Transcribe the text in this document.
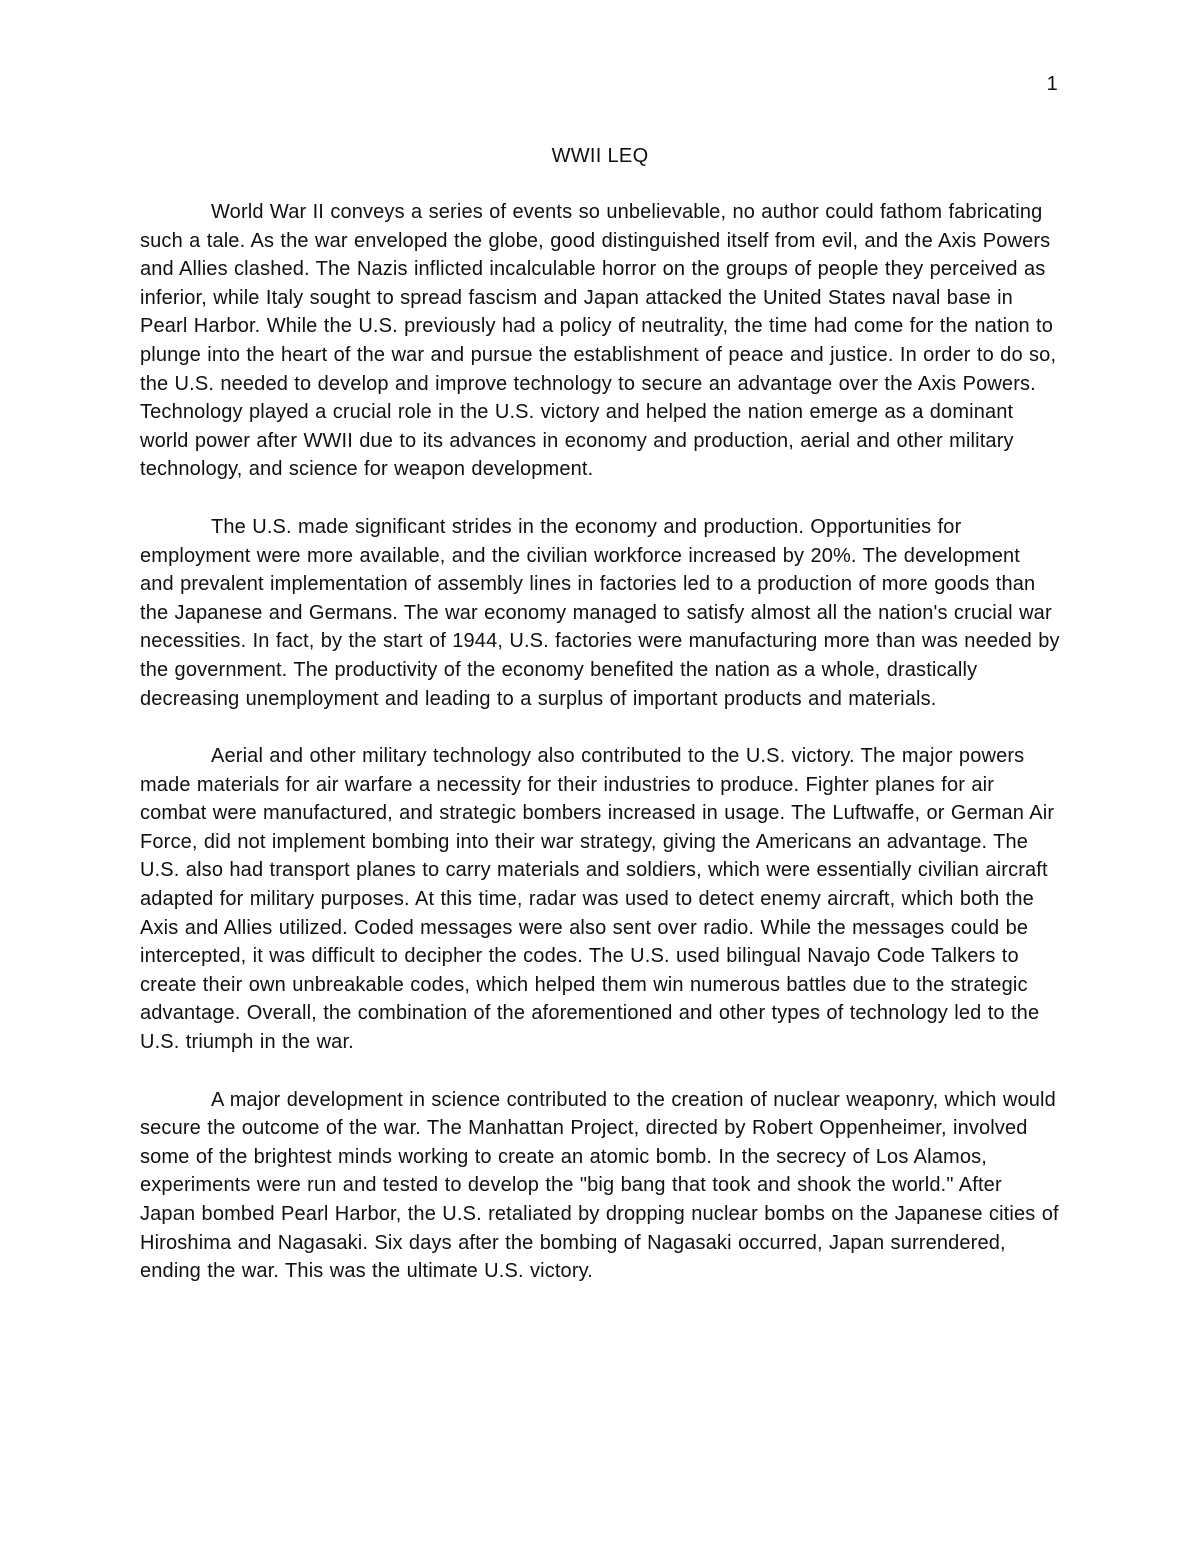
1
WWII LEQ

World War II conveys a series of events so unbelievable, no author could fathom fabricating such a tale. As the war enveloped the globe, good distinguished itself from evil, and the Axis Powers and Allies clashed. The Nazis inflicted incalculable horror on the groups of people they perceived as inferior, while Italy sought to spread fascism and Japan attacked the United States naval base in Pearl Harbor. While the U.S. previously had a policy of neutrality, the time had come for the nation to plunge into the heart of the war and pursue the establishment of peace and justice. In order to do so, the U.S. needed to develop and improve technology to secure an advantage over the Axis Powers. Technology played a crucial role in the U.S. victory and helped the nation emerge as a dominant world power after WWII due to its advances in economy and production, aerial and other military technology, and science for weapon development.

The U.S. made significant strides in the economy and production. Opportunities for employment were more available, and the civilian workforce increased by 20%. The development and prevalent implementation of assembly lines in factories led to a production of more goods than the Japanese and Germans. The war economy managed to satisfy almost all the nation's crucial war necessities. In fact, by the start of 1944, U.S. factories were manufacturing more than was needed by the government. The productivity of the economy benefited the nation as a whole, drastically decreasing unemployment and leading to a surplus of important products and materials.

Aerial and other military technology also contributed to the U.S. victory. The major powers made materials for air warfare a necessity for their industries to produce. Fighter planes for air combat were manufactured, and strategic bombers increased in usage. The Luftwaffe, or German Air Force, did not implement bombing into their war strategy, giving the Americans an advantage. The U.S. also had transport planes to carry materials and soldiers, which were essentially civilian aircraft adapted for military purposes. At this time, radar was used to detect enemy aircraft, which both the Axis and Allies utilized. Coded messages were also sent over radio. While the messages could be intercepted, it was difficult to decipher the codes. The U.S. used bilingual Navajo Code Talkers to create their own unbreakable codes, which helped them win numerous battles due to the strategic advantage. Overall, the combination of the aforementioned and other types of technology led to the U.S. triumph in the war.

A major development in science contributed to the creation of nuclear weaponry, which would secure the outcome of the war. The Manhattan Project, directed by Robert Oppenheimer, involved some of the brightest minds working to create an atomic bomb. In the secrecy of Los Alamos, experiments were run and tested to develop the "big bang that took and shook the world." After Japan bombed Pearl Harbor, the U.S. retaliated by dropping nuclear bombs on the Japanese cities of Hiroshima and Nagasaki. Six days after the bombing of Nagasaki occurred, Japan surrendered, ending the war. This was the ultimate U.S. victory.
